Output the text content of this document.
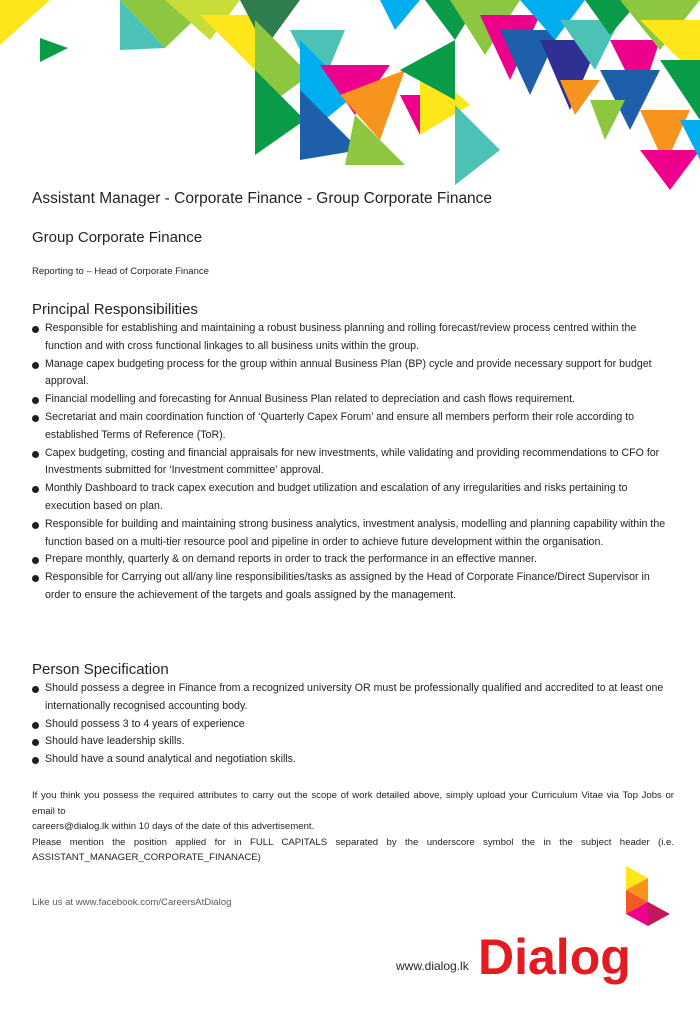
Assistant Manager - Corporate Finance - Group Corporate Finance
Group Corporate Finance
Reporting to – Head of Corporate Finance
Principal Responsibilities
Responsible for establishing and maintaining a robust business planning and rolling forecast/review process centred within the function and with cross functional linkages to all business units within the group.
Manage capex budgeting process for the group within annual Business Plan (BP) cycle and provide necessary support for budget approval.
Financial modelling and forecasting for Annual Business Plan related to depreciation and cash flows requirement.
Secretariat and main coordination function of ‘Quarterly Capex Forum’ and ensure all members perform their role according to established Terms of Reference (ToR).
Capex budgeting, costing and financial appraisals for new investments, while validating and providing recommendations to CFO for Investments submitted for ‘Investment committee’ approval.
Monthly Dashboard to track capex execution and budget utilization and escalation of any irregularities and risks pertaining to execution based on plan.
Responsible for building and maintaining strong business analytics, investment analysis, modelling and planning capability within the function based on a multi-tier resource pool and pipeline in order to achieve future development within the organisation.
Prepare monthly, quarterly & on demand reports in order to track the performance in an effective manner.
Responsible for Carrying out all/any line responsibilities/tasks as assigned by the Head of Corporate Finance/Direct Supervisor in order to ensure the achievement of the targets and goals assigned by the management.
Person Specification
Should possess a degree in Finance from a recognized university OR must be professionally qualified and accredited to at least one internationally recognised accounting body.
Should possess 3 to 4 years of experience
Should have leadership skills.
Should have a sound analytical and negotiation skills.

If you think you possess the required attributes to carry out the scope of work detailed above, simply upload your Curriculum Vitae via Top Jobs or email to

careers@dialog.lk within 10 days of the date of this advertisement.

Please mention the position applied for in FULL CAPITALS separated by the underscore symbol the in the subject header (i.e. ASSISTANT_MANAGER_CORPORATE_FINANACE)

Like us at www.facebook.com/CareersAtDialog
www.dialog.lk Dialog
